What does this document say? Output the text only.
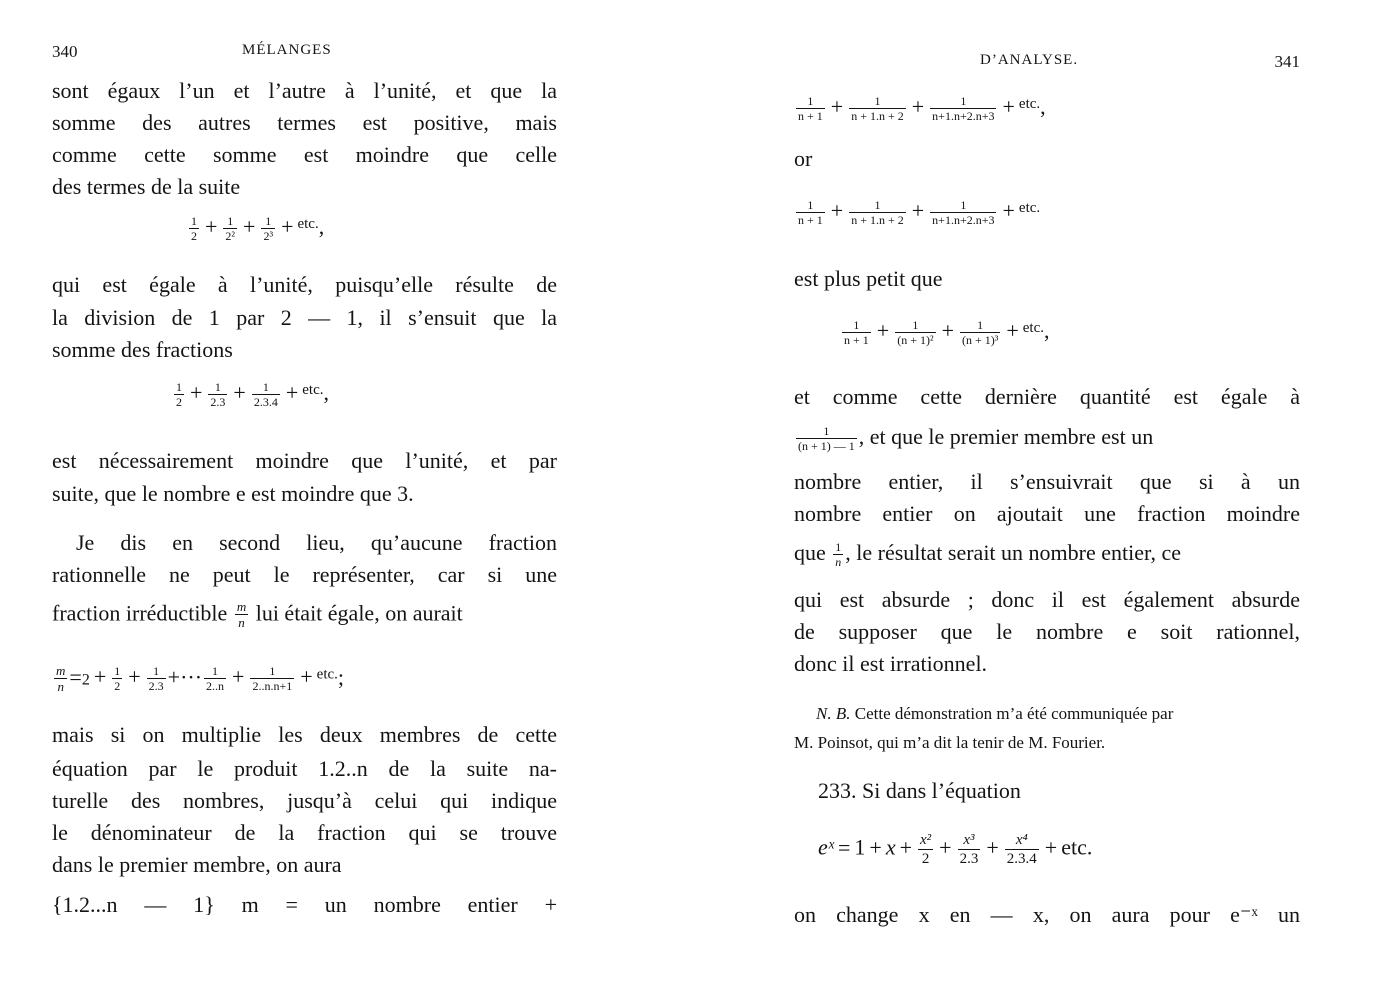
340	MÉLANGES
sont égaux l’un et l’autre à l’unité, et que la
somme des autres termes est positive, mais
comme cette somme est moindre que celle
des termes de la suite
$\frac{1}{2} + \frac{1}{\text{2²}} + \frac{1}{\text{2³}} + ^{etc.}$,
qui est égale à l’unité, puisqu’elle résulte de
la division de 1 par 2 — 1, il s’ensuit que la
somme des fractions
$\frac{1}{2} + \frac{1}{2.3} + \frac{1}{2.3.4} + ^{etc.}$,
est nécessairement moindre que l’unité, et par
suite, que le nombre e est moindre que 3.
Je dis en second lieu, qu’aucune fraction
rationnelle ne peut le représenter, car si une
fraction irréductible $\frac{m}{n}$ lui était égale, on aurait
$\frac{m}{n} =2 + \frac{1}{2} + \frac{1}{2.3}$ +··· $\frac{1}{2..n} + \frac{1}{2..n.n+1} + ^{etc.}$;
mais si on multiplie les deux membres de cette
équation par le produit 1.2..n de la suite na-
turelle des nombres, jusqu’à celui qui indique
le dénominateur de la fraction qui se trouve
dans le premier membre, on aura
{1.2...n — 1} m = un nombre entier +
D’ANALYSE.	341
$\frac{1}{n + 1} + \frac{1}{n + 1.n + 2} + \frac{1}{n+1.n+2.n+3} + ^{etc.}$,
or
$\frac{1}{n + 1} + \frac{1}{n + 1.n + 2} + \frac{1}{n+1.n+2.n+3} + ^{etc.}$
est plus petit que
$\frac{1}{n + 1} + \frac{1}{\text{(n + 1)²}} + \frac{1}{\text{(n + 1)³}} + ^{etc.}$,
et comme cette dernière quantité est égale à
$\frac{1}{(n + 1) — 1}$ , et que le premier membre est un
nombre entier, il s’ensuivrait que si à un
nombre entier on ajoutait une fraction moindre
que $\frac{1}{n}$ , le résultat serait un nombre entier, ce
qui est absurde ; donc il est également absurde
de supposer que le nombre e soit rationnel,
donc il est irrationnel.
N. B. Cette démonstration m’a été communiquée par
M. Poinsot, qui m’a dit la tenir de M. Fourier.
233. Si dans l’équation
eˣ = $1 + x + \frac{\text{x²}}{2} + \frac{\text{x³}}{2.3} + \frac{\text{x⁴}}{2.3.4}$ + etc.
on change x en — x, on aura pour e⁻ˣ un
